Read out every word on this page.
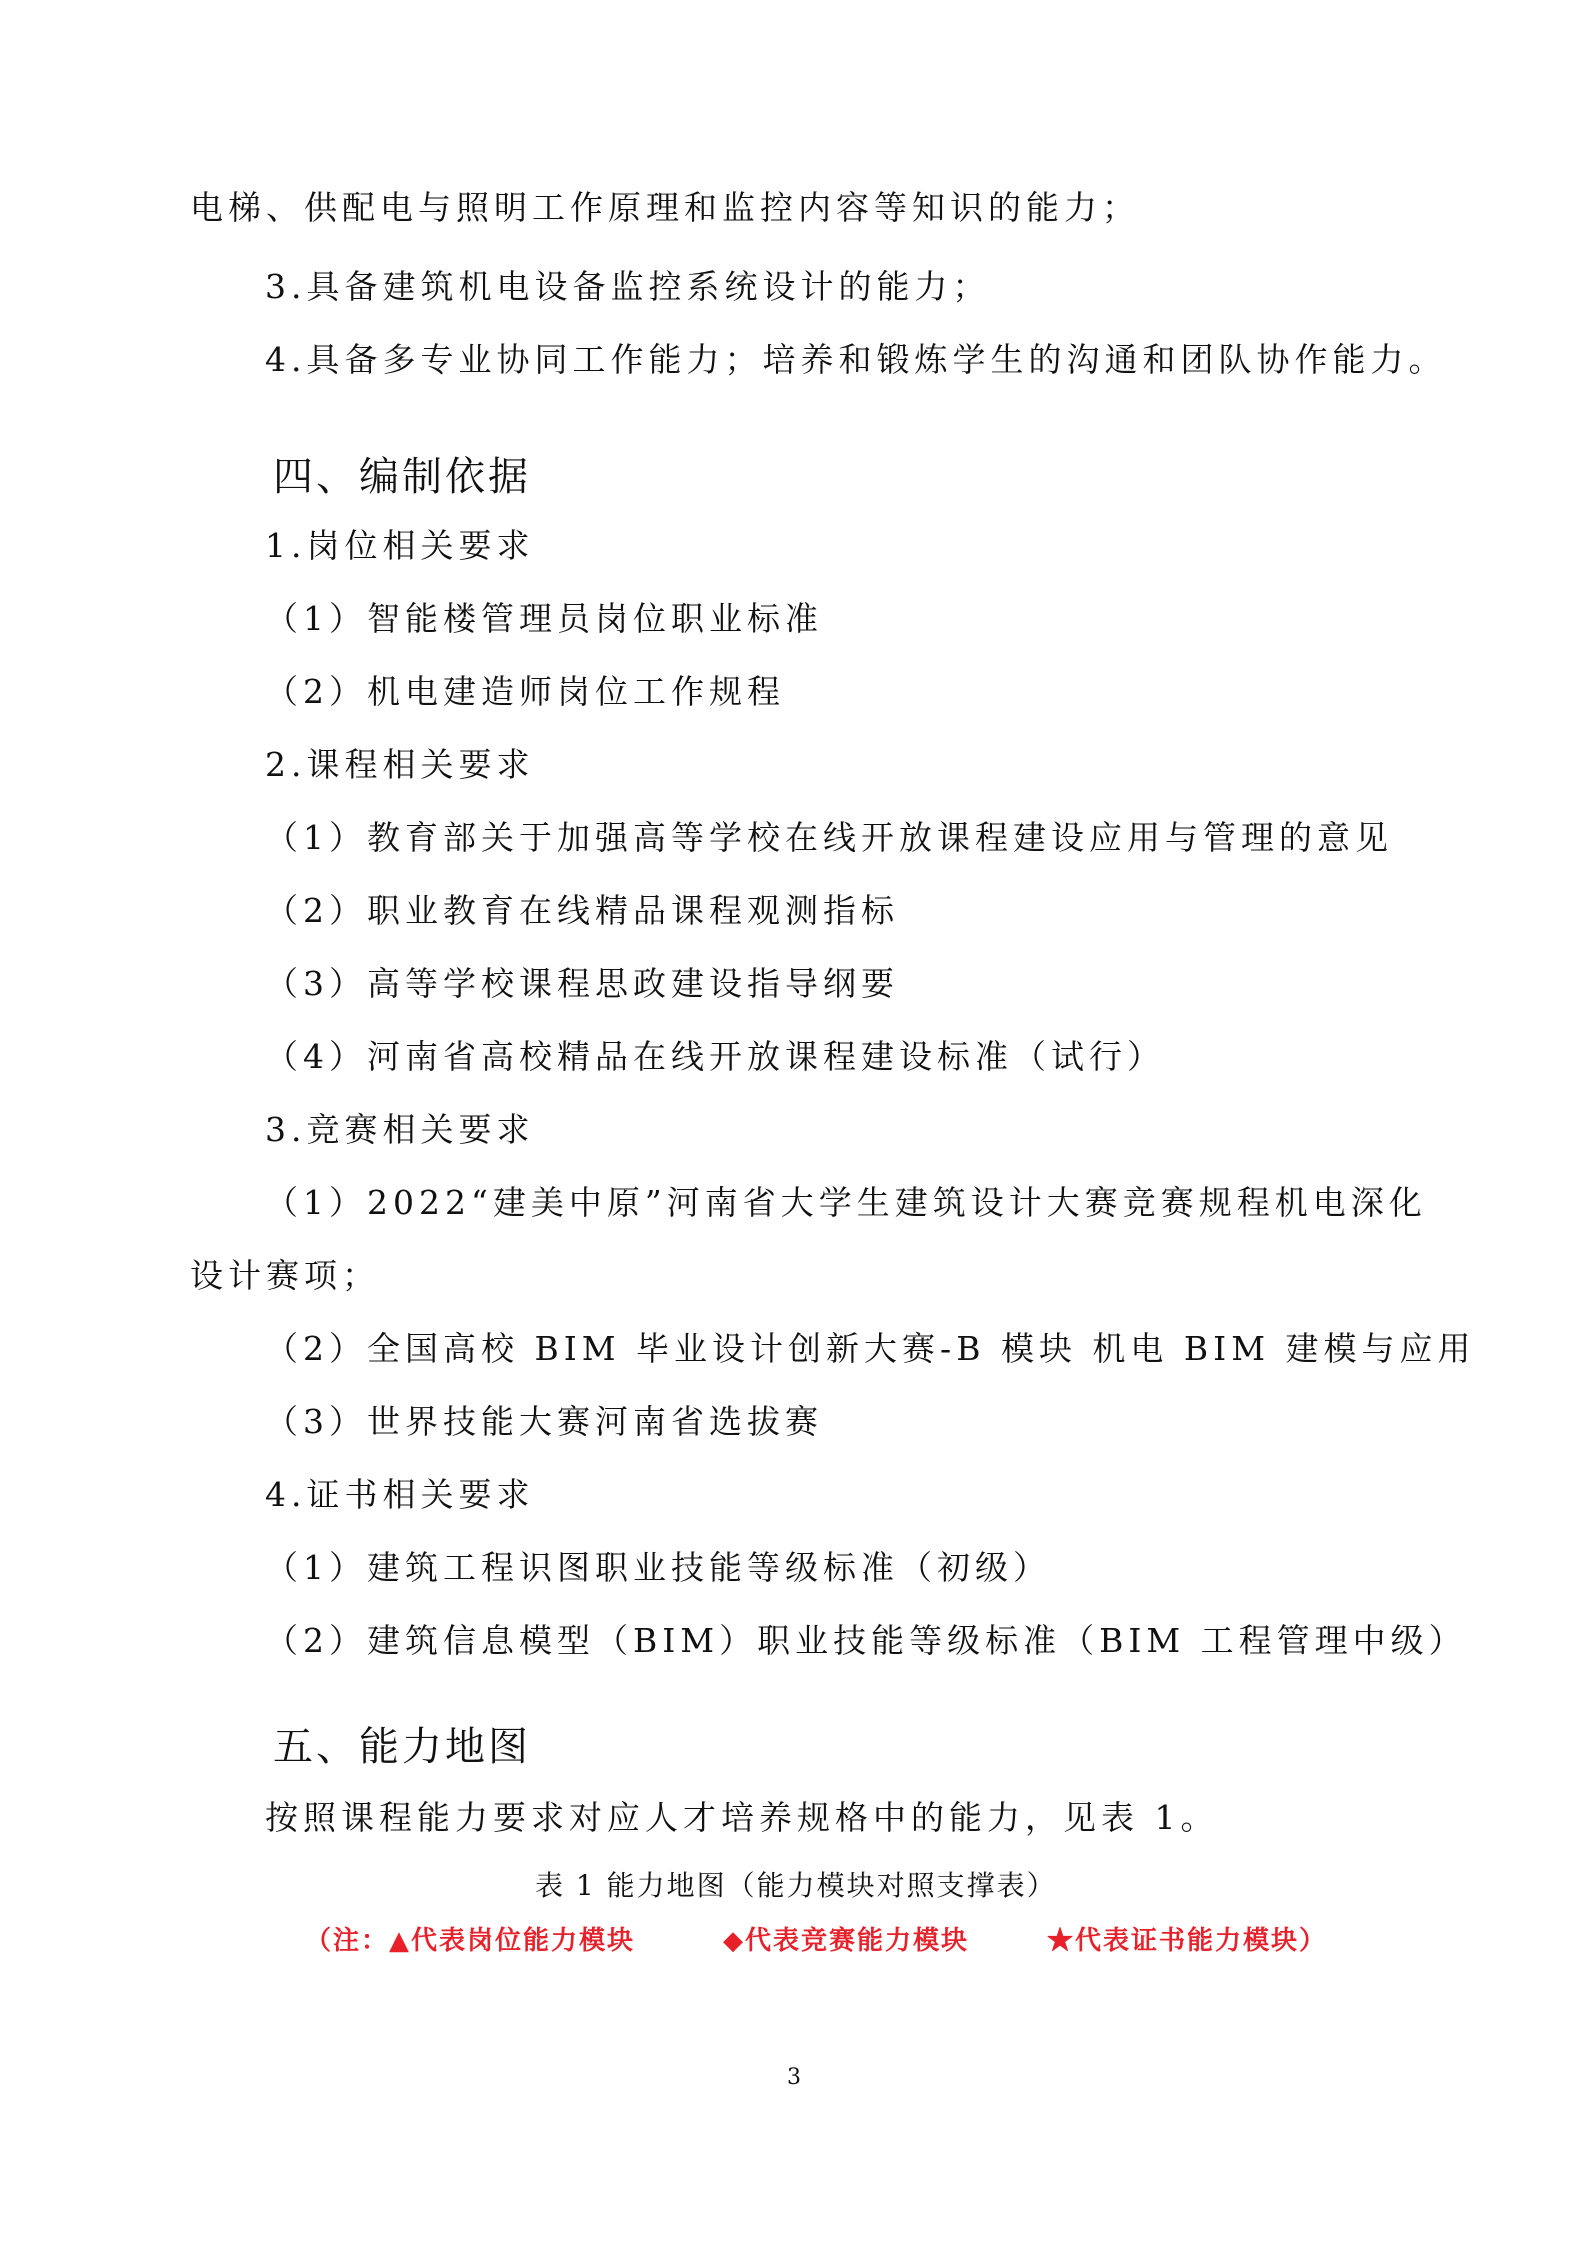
电梯、供配电与照明工作原理和监控内容等知识的能力；
3.具备建筑机电设备监控系统设计的能力；
4.具备多专业协同工作能力；培养和锻炼学生的沟通和团队协作能力。
四、编制依据
1.岗位相关要求
（1）智能楼管理员岗位职业标准
（2）机电建造师岗位工作规程
2.课程相关要求
（1）教育部关于加强高等学校在线开放课程建设应用与管理的意见
（2）职业教育在线精品课程观测指标
（3）高等学校课程思政建设指导纲要
（4）河南省高校精品在线开放课程建设标准（试行）
3.竞赛相关要求
（1）2022“建美中原”河南省大学生建筑设计大赛竞赛规程机电深化
设计赛项；
（2）全国高校 BIM 毕业设计创新大赛-B 模块 机电 BIM 建模与应用
（3）世界技能大赛河南省选拔赛
4.证书相关要求
（1）建筑工程识图职业技能等级标准（初级）
（2）建筑信息模型（BIM）职业技能等级标准（BIM 工程管理中级）
五、能力地图
按照课程能力要求对应人才培养规格中的能力，见表 1。
表 1 能力地图（能力模块对照支撑表）
（注：▲代表岗位能力模块	◆代表竞赛能力模块	★代表证书能力模块）
3
